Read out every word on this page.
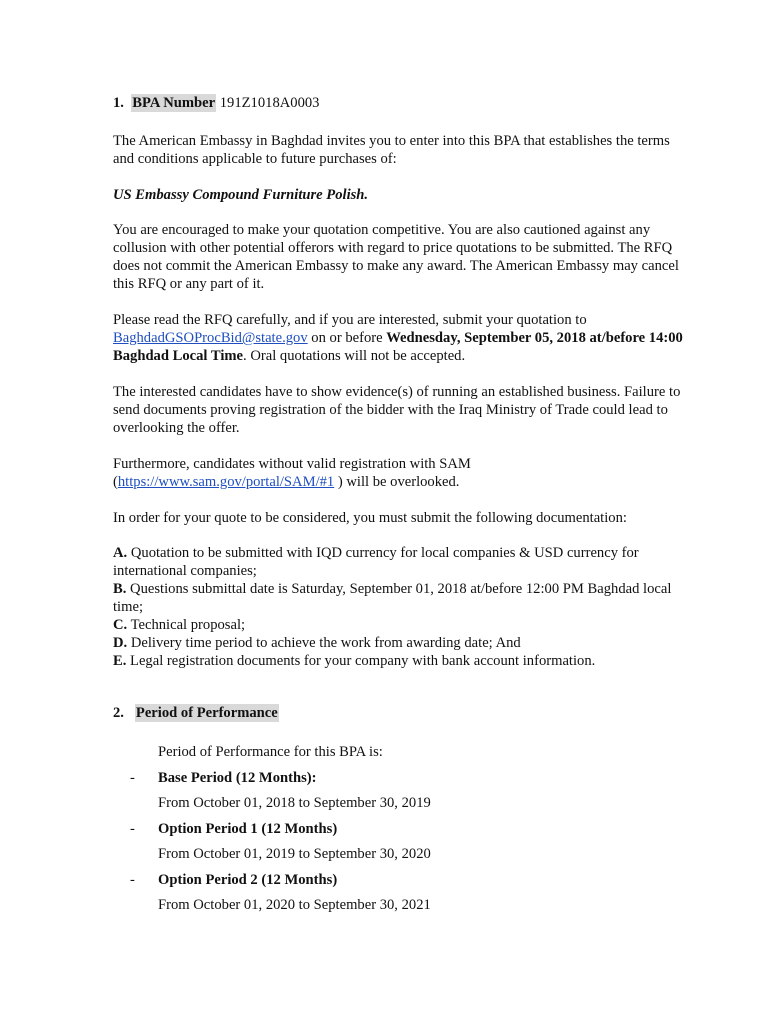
1. BPA Number 191Z1018A0003

The American Embassy in Baghdad invites you to enter into this BPA that establishes the terms and conditions applicable to future purchases of:

US Embassy Compound Furniture Polish.

You are encouraged to make your quotation competitive. You are also cautioned against any collusion with other potential offerors with regard to price quotations to be submitted. The RFQ does not commit the American Embassy to make any award. The American Embassy may cancel this RFQ or any part of it.

Please read the RFQ carefully, and if you are interested, submit your quotation to BaghdadGSOProcBid@state.gov on or before Wednesday, September 05, 2018 at/before 14:00 Baghdad Local Time. Oral quotations will not be accepted.

The interested candidates have to show evidence(s) of running an established business. Failure to send documents proving registration of the bidder with the Iraq Ministry of Trade could lead to overlooking the offer.

Furthermore, candidates without valid registration with SAM (https://www.sam.gov/portal/SAM/#1 ) will be overlooked.

In order for your quote to be considered, you must submit the following documentation:

A. Quotation to be submitted with IQD currency for local companies & USD currency for international companies;
B. Questions submittal date is Saturday, September 01, 2018 at/before 12:00 PM Baghdad local time;
C. Technical proposal;
D. Delivery time period to achieve the work from awarding date; And
E. Legal registration documents for your company with bank account information.

2. Period of Performance

Period of Performance for this BPA is:

- Base Period (12 Months):

From October 01, 2018 to September 30, 2019

- Option Period 1 (12 Months)

From October 01, 2019 to September 30, 2020

- Option Period 2 (12 Months)

From October 01, 2020 to September 30, 2021
